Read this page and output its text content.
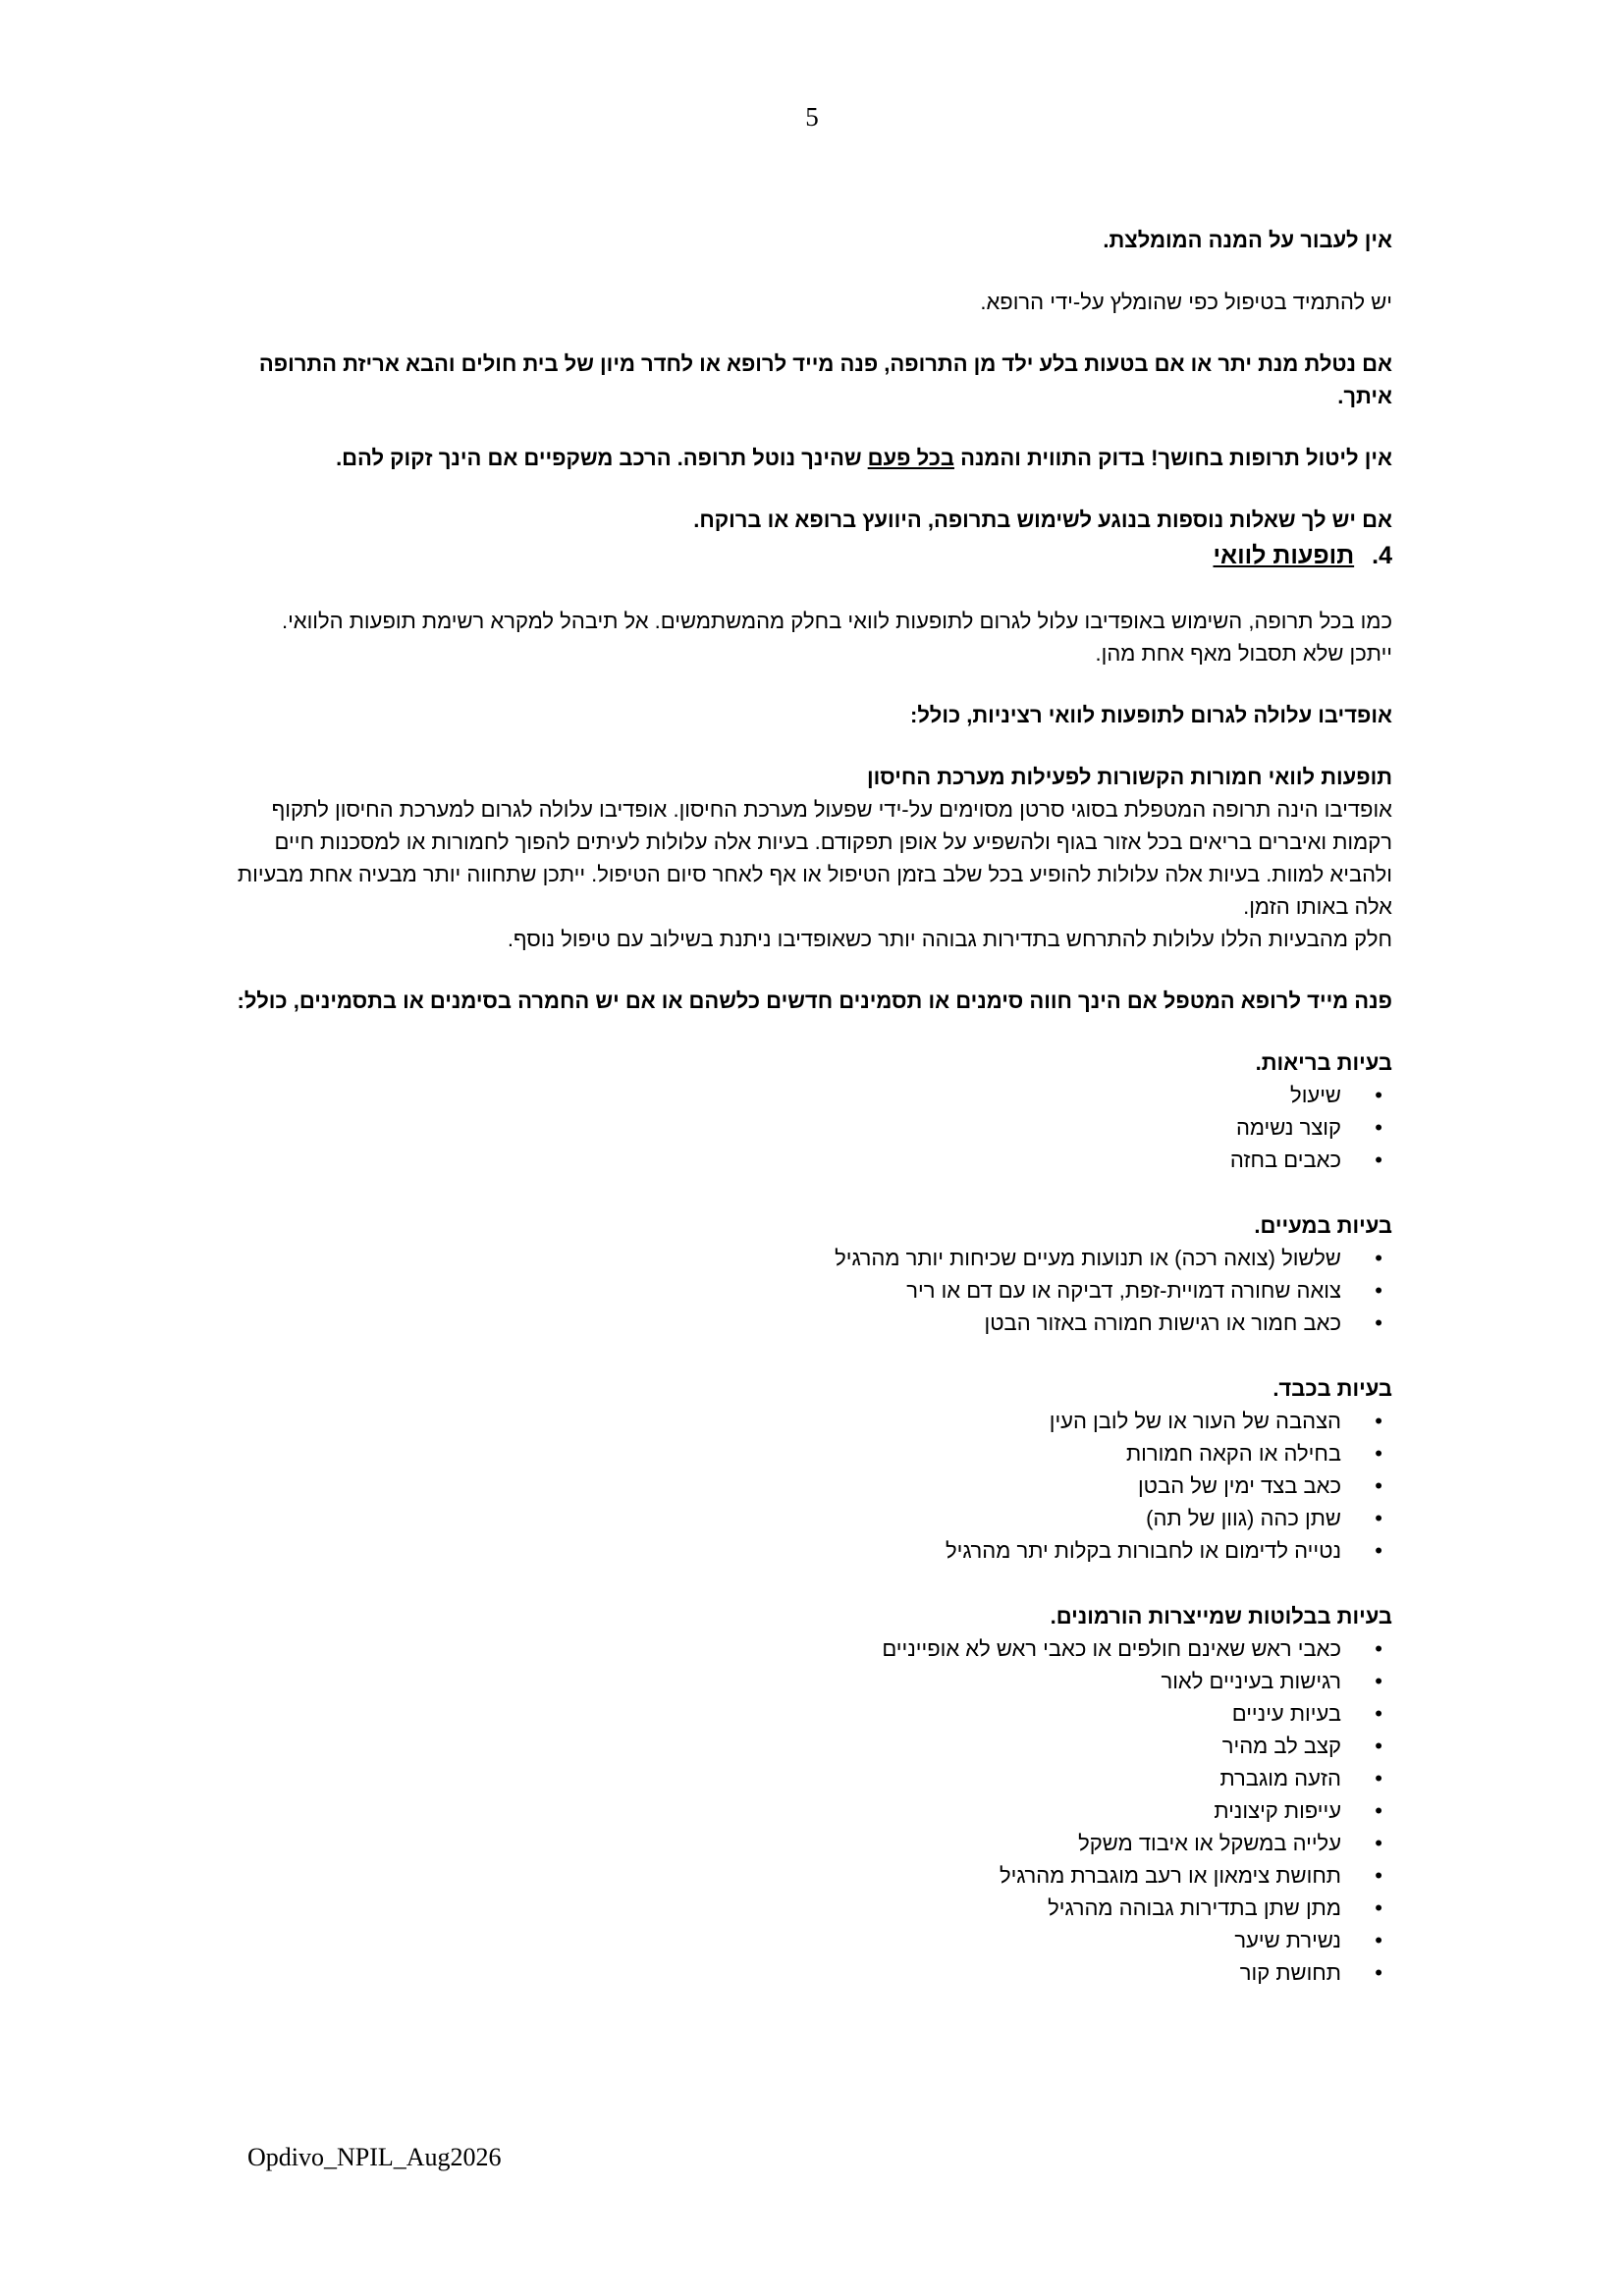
5

אין לעבור על המנה המומלצת.

יש להתמיד בטיפול כפי שהומלץ על-ידי הרופא.

אם נטלת מנת יתר או אם בטעות בלע ילד מן התרופה, פנה מייד לרופא או לחדר מיון של בית חולים והבא אריזת התרופה איתך.

אין ליטול תרופות בחושך! בדוק התווית והמנה בכל פעם שהינך נוטל תרופה. הרכב משקפיים אם הינך זקוק להם.

אם יש לך שאלות נוספות בנוגע לשימוש בתרופה, היוועץ ברופא או ברוקח.

4.תופעות לוואי

כמו בכל תרופה, השימוש באופדיבו עלול לגרום לתופעות לוואי בחלק מהמשתמשים. אל תיבהל למקרא רשימת תופעות הלוואי. ייתכן שלא תסבול מאף אחת מהן.

אופדיבו עלולה לגרום לתופעות לוואי רציניות, כולל:

תופעות לוואי חמורות הקשורות לפעילות מערכת החיסון

אופדיבו הינה תרופה המטפלת בסוגי סרטן מסוימים על-ידי שפעול מערכת החיסון. אופדיבו עלולה לגרום למערכת החיסון לתקוף רקמות ואיברים בריאים בכל אזור בגוף ולהשפיע על אופן תפקודם. בעיות אלה עלולות לעיתים להפוך לחמורות או למסכנות חיים ולהביא למוות. בעיות אלה עלולות להופיע בכל שלב בזמן הטיפול או אף לאחר סיום הטיפול. ייתכן שתחווה יותר מבעיה אחת מבעיות אלה באותו הזמן.

חלק מהבעיות הללו עלולות להתרחש בתדירות גבוהה יותר כשאופדיבו ניתנת בשילוב עם טיפול נוסף.

פנה מייד לרופא המטפל אם הינך חווה סימנים או תסמינים חדשים כלשהם או אם יש החמרה בסימנים או בתסמינים, כולל:

בעיות בריאות.

• שיעול
• קוצר נשימה
• כאבים בחזה

בעיות במעיים.

• שלשול (צואה רכה) או תנועות מעיים שכיחות יותר מהרגיל
• צואה שחורה דמויית-זפת, דביקה או עם דם או ריר
• כאב חמור או רגישות חמורה באזור הבטן

בעיות בכבד.

• הצהבה של העור או של לובן העין
• בחילה או הקאה חמורות
• כאב בצד ימין של הבטן
• שתן כהה (גוון של תה)
• נטייה לדימום או לחבורות בקלות יתר מהרגיל

בעיות בבלוטות שמייצרות הורמונים.

• כאבי ראש שאינם חולפים או כאבי ראש לא אופייניים
• רגישות בעיניים לאור
• בעיות עיניים
• קצב לב מהיר
• הזעה מוגברת
• עייפות קיצונית
• עלייה במשקל או איבוד משקל
• תחושת צימאון או רעב מוגברת מהרגיל
• מתן שתן בתדירות גבוהה מהרגיל
• נשירת שיער
• תחושת קור
Opdivo_NPIL_Aug2026
